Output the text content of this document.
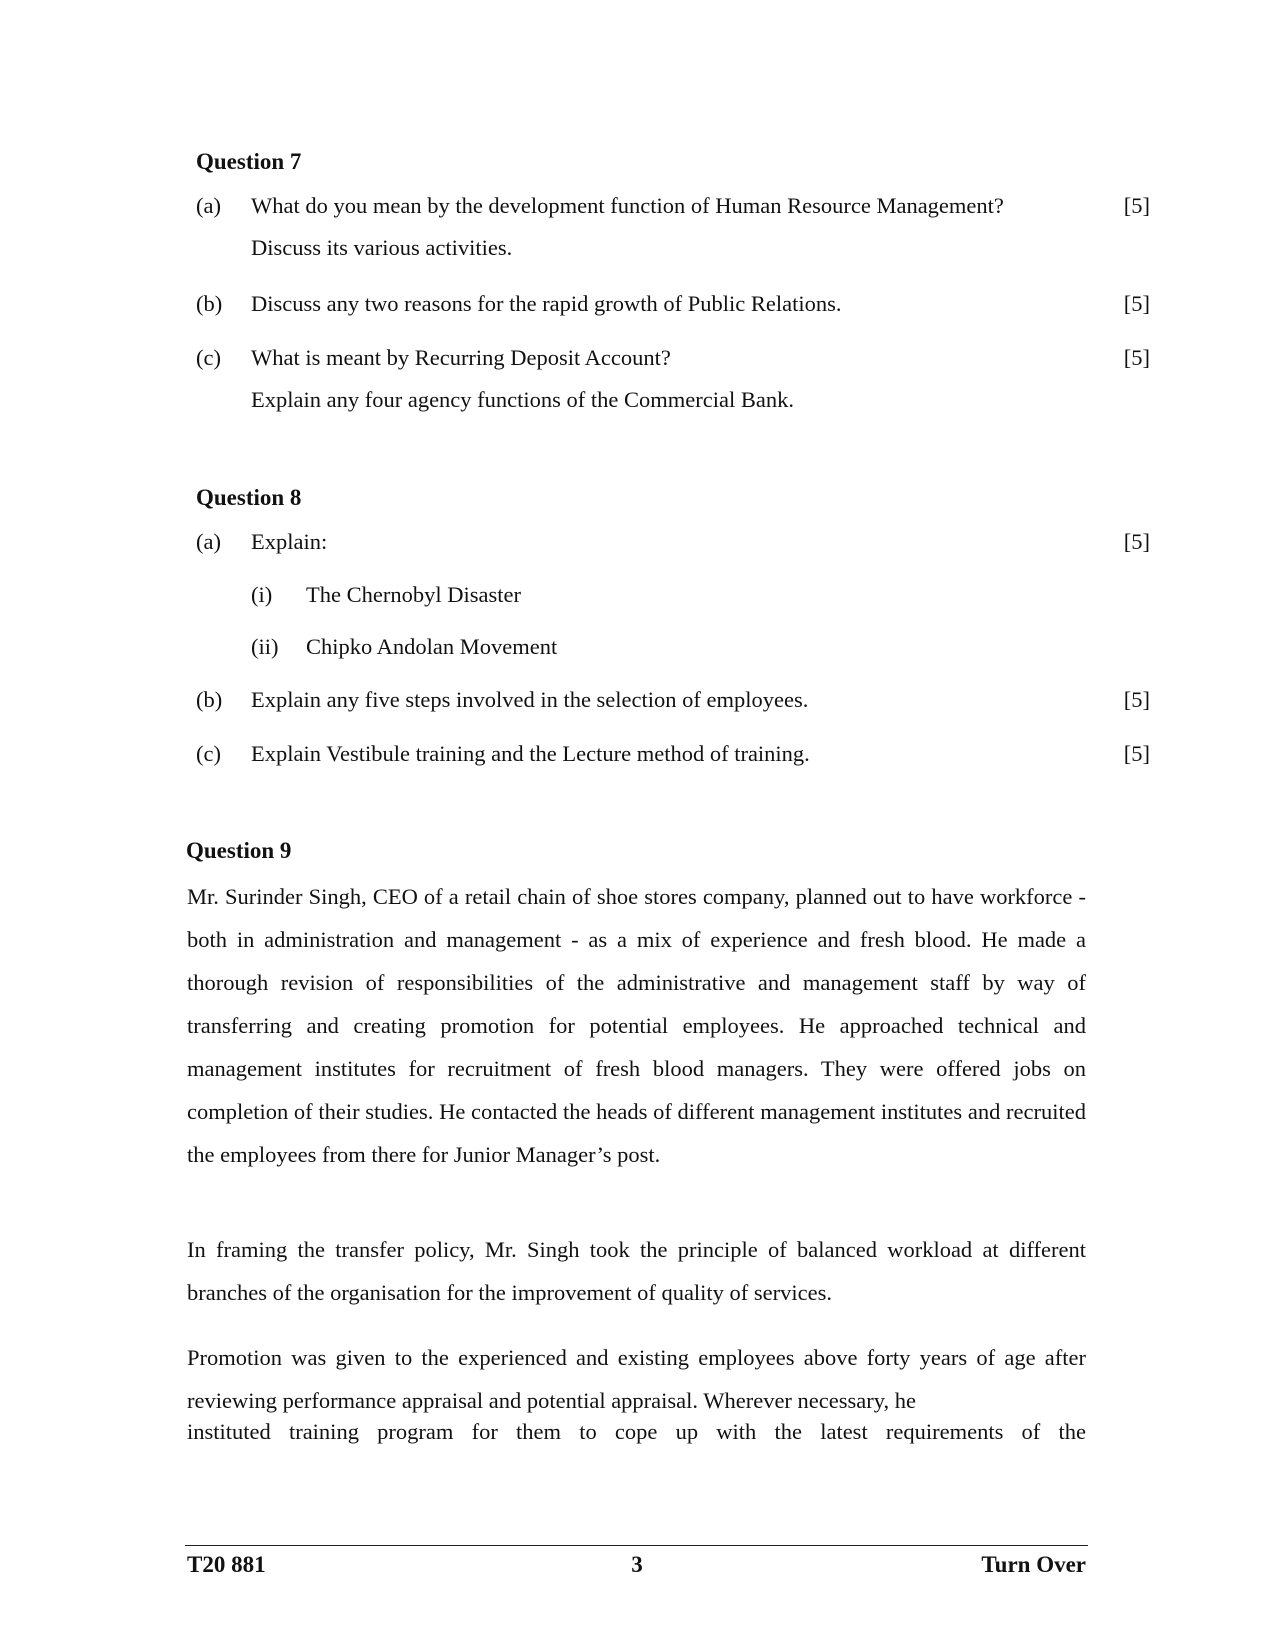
Question 7

(a) What do you mean by the development function of Human Resource Management?	[5]

Discuss its various activities.

(b) Discuss any two reasons for the rapid growth of Public Relations.	[5]

(c) What is meant by Recurring Deposit Account?	[5]

Explain any four agency functions of the Commercial Bank.

Question 8

(a) Explain:	[5]

(i) The Chernobyl Disaster

(ii) Chipko Andolan Movement

(b) Explain any five steps involved in the selection of employees.	[5]

(c) Explain Vestibule training and the Lecture method of training.	[5]

Question 9

Mr. Surinder Singh, CEO of a retail chain of shoe stores company, planned out to have workforce - both in administration and management - as a mix of experience and fresh blood. He made a thorough revision of responsibilities of the administrative and management staff by way of transferring and creating promotion for potential employees. He approached technical and management institutes for recruitment of fresh blood managers. They were offered jobs on completion of their studies. He contacted the heads of different management institutes and recruited the employees from there for Junior Manager’s post.

In framing the transfer policy, Mr. Singh took the principle of balanced workload at different branches of the organisation for the improvement of quality of services.

Promotion was given to the experienced and existing employees above forty years of age after reviewing performance appraisal and potential appraisal. Wherever necessary, he

instituted training program for them to cope up with the latest requirements of the

T20 881	3	Turn Over
